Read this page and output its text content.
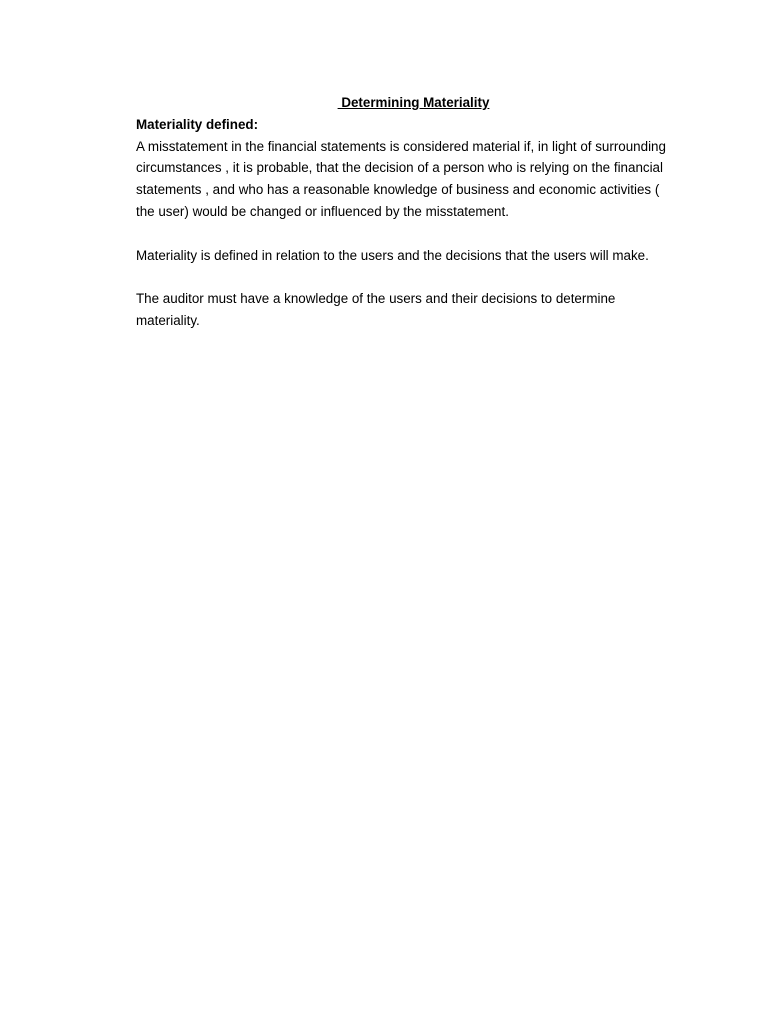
Determining Materiality

Materiality defined:

A misstatement in the financial statements is considered material if, in light of surrounding circumstances , it is probable, that the decision of a person who is relying on the financial statements , and who has a reasonable knowledge of business and economic activities ( the user) would be changed or influenced by the misstatement.

Materiality is defined in relation to the users and the decisions that the users will make.

The auditor must have a knowledge of the users and their decisions to determine materiality.
